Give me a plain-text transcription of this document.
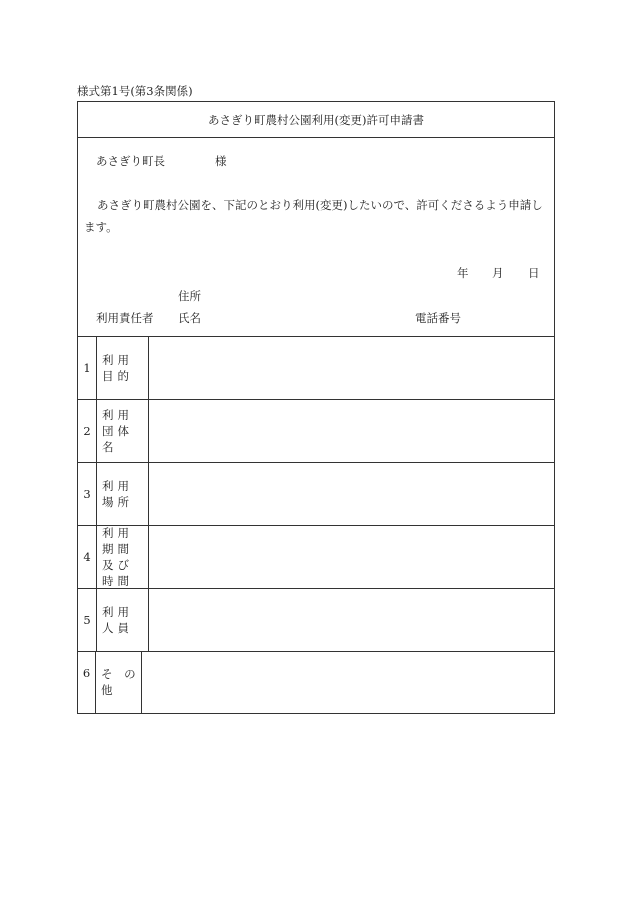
様式第1号(第3条関係)
あさぎり町農村公園利用(変更)許可申請書
あさぎり町長	様
あさぎり町農村公園を、下記のとおり利用(変更)したいので、許可くださるよう申請します。
年 月 日
住所
利用責任者 氏名	電話番号
1
利用目的
2
利用団体名
3
利用場所
4
利用期間及び時間
5
利用人員
6 そ の 他
